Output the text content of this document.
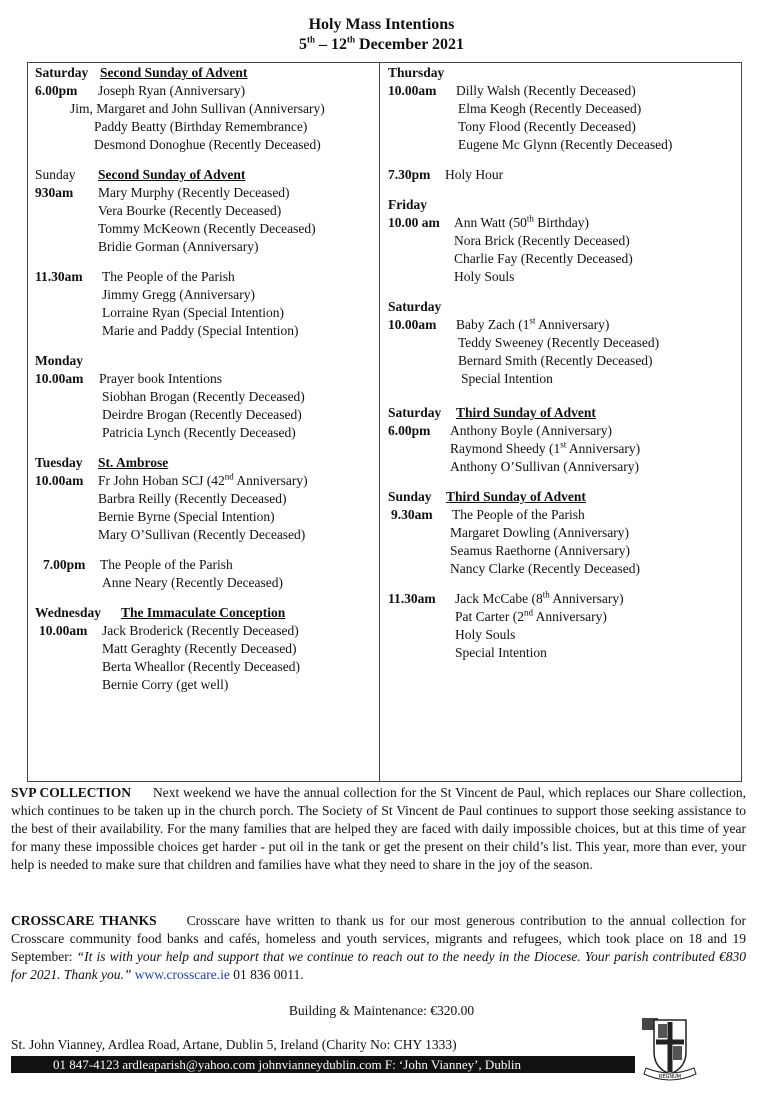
Holy Mass Intentions
5th – 12th December 2021
Saturday Second Sunday of Advent
6.00pm Joseph Ryan (Anniversary)
Jim, Margaret and John Sullivan (Anniversary)
Paddy Beatty (Birthday Remembrance)
Desmond Donoghue (Recently Deceased)
Sunday Second Sunday of Advent
930am Mary Murphy (Recently Deceased)
Vera Bourke (Recently Deceased)
Tommy McKeown (Recently Deceased)
Bridie Gorman (Anniversary)
11.30am The People of the Parish
Jimmy Gregg (Anniversary)
Lorraine Ryan (Special Intention)
Marie and Paddy (Special Intention)
Monday
10.00am Prayer book Intentions
Siobhan Brogan (Recently Deceased)
Deirdre Brogan (Recently Deceased)
Patricia Lynch (Recently Deceased)
Tuesday St. Ambrose
10.00am Fr John Hoban SCJ (42nd Anniversary)
Barbra Reilly (Recently Deceased)
Bernie Byrne (Special Intention)
Mary O’Sullivan (Recently Deceased)
7.00pm The People of the Parish
Anne Neary (Recently Deceased)
Wednesday The Immaculate Conception
10.00am Jack Broderick (Recently Deceased)
Matt Geraghty (Recently Deceased)
Berta Wheallor (Recently Deceased)
Bernie Corry (get well)
Thursday
10.00am Dilly Walsh (Recently Deceased)
Elma Keogh (Recently Deceased)
Tony Flood (Recently Deceased)
Eugene Mc Glynn (Recently Deceased)
7.30pm Holy Hour
Friday
10.00 am Ann Watt (50th Birthday)
Nora Brick (Recently Deceased)
Charlie Fay (Recently Deceased)
Holy Souls
Saturday
10.00am Baby Zach (1st Anniversary)
Teddy Sweeney (Recently Deceased)
Bernard Smith (Recently Deceased)
Special Intention
Saturday Third Sunday of Advent
6.00pm Anthony Boyle (Anniversary)
Raymond Sheedy (1st Anniversary)
Anthony O’Sullivan (Anniversary)
Sunday Third Sunday of Advent
9.30am The People of the Parish
Margaret Dowling (Anniversary)
Seamus Raethorne (Anniversary)
Nancy Clarke (Recently Deceased)
11.30am Jack McCabe (8th Anniversary)
Pat Carter (2nd Anniversary)
Holy Souls
Special Intention
SVP COLLECTION Next weekend we have the annual collection for the St Vincent de Paul, which replaces our Share collection, which continues to be taken up in the church porch. The Society of St Vincent de Paul continues to support those seeking assistance to the best of their availability. For the many families that are helped they are faced with daily impossible choices, but at this time of year for many these impossible choices get harder - put oil in the tank or get the present on their child’s list. This year, more than ever, your help is needed to make sure that children and families have what they need to share in the joy of the season.
CROSSCARE THANKS Crosscare have written to thank us for our most generous contribution to the annual collection for Crosscare community food banks and cafés, homeless and youth services, migrants and refugees, which took place on 18 and 19 September: “It is with your help and support that we continue to reach out to the needy in the Diocese. Your parish contributed €830 for 2021. Thank you.” www.crosscare.ie 01 836 0011.
Building & Maintenance: €320.00
St. John Vianney, Ardlea Road, Artane, Dublin 5, Ireland (Charity No: CHY 1333)
01 847-4123 ardleaparish@yahoo.com johnvianneydublin.com F: ‘John Vianney’, Dublin
REGNUM
